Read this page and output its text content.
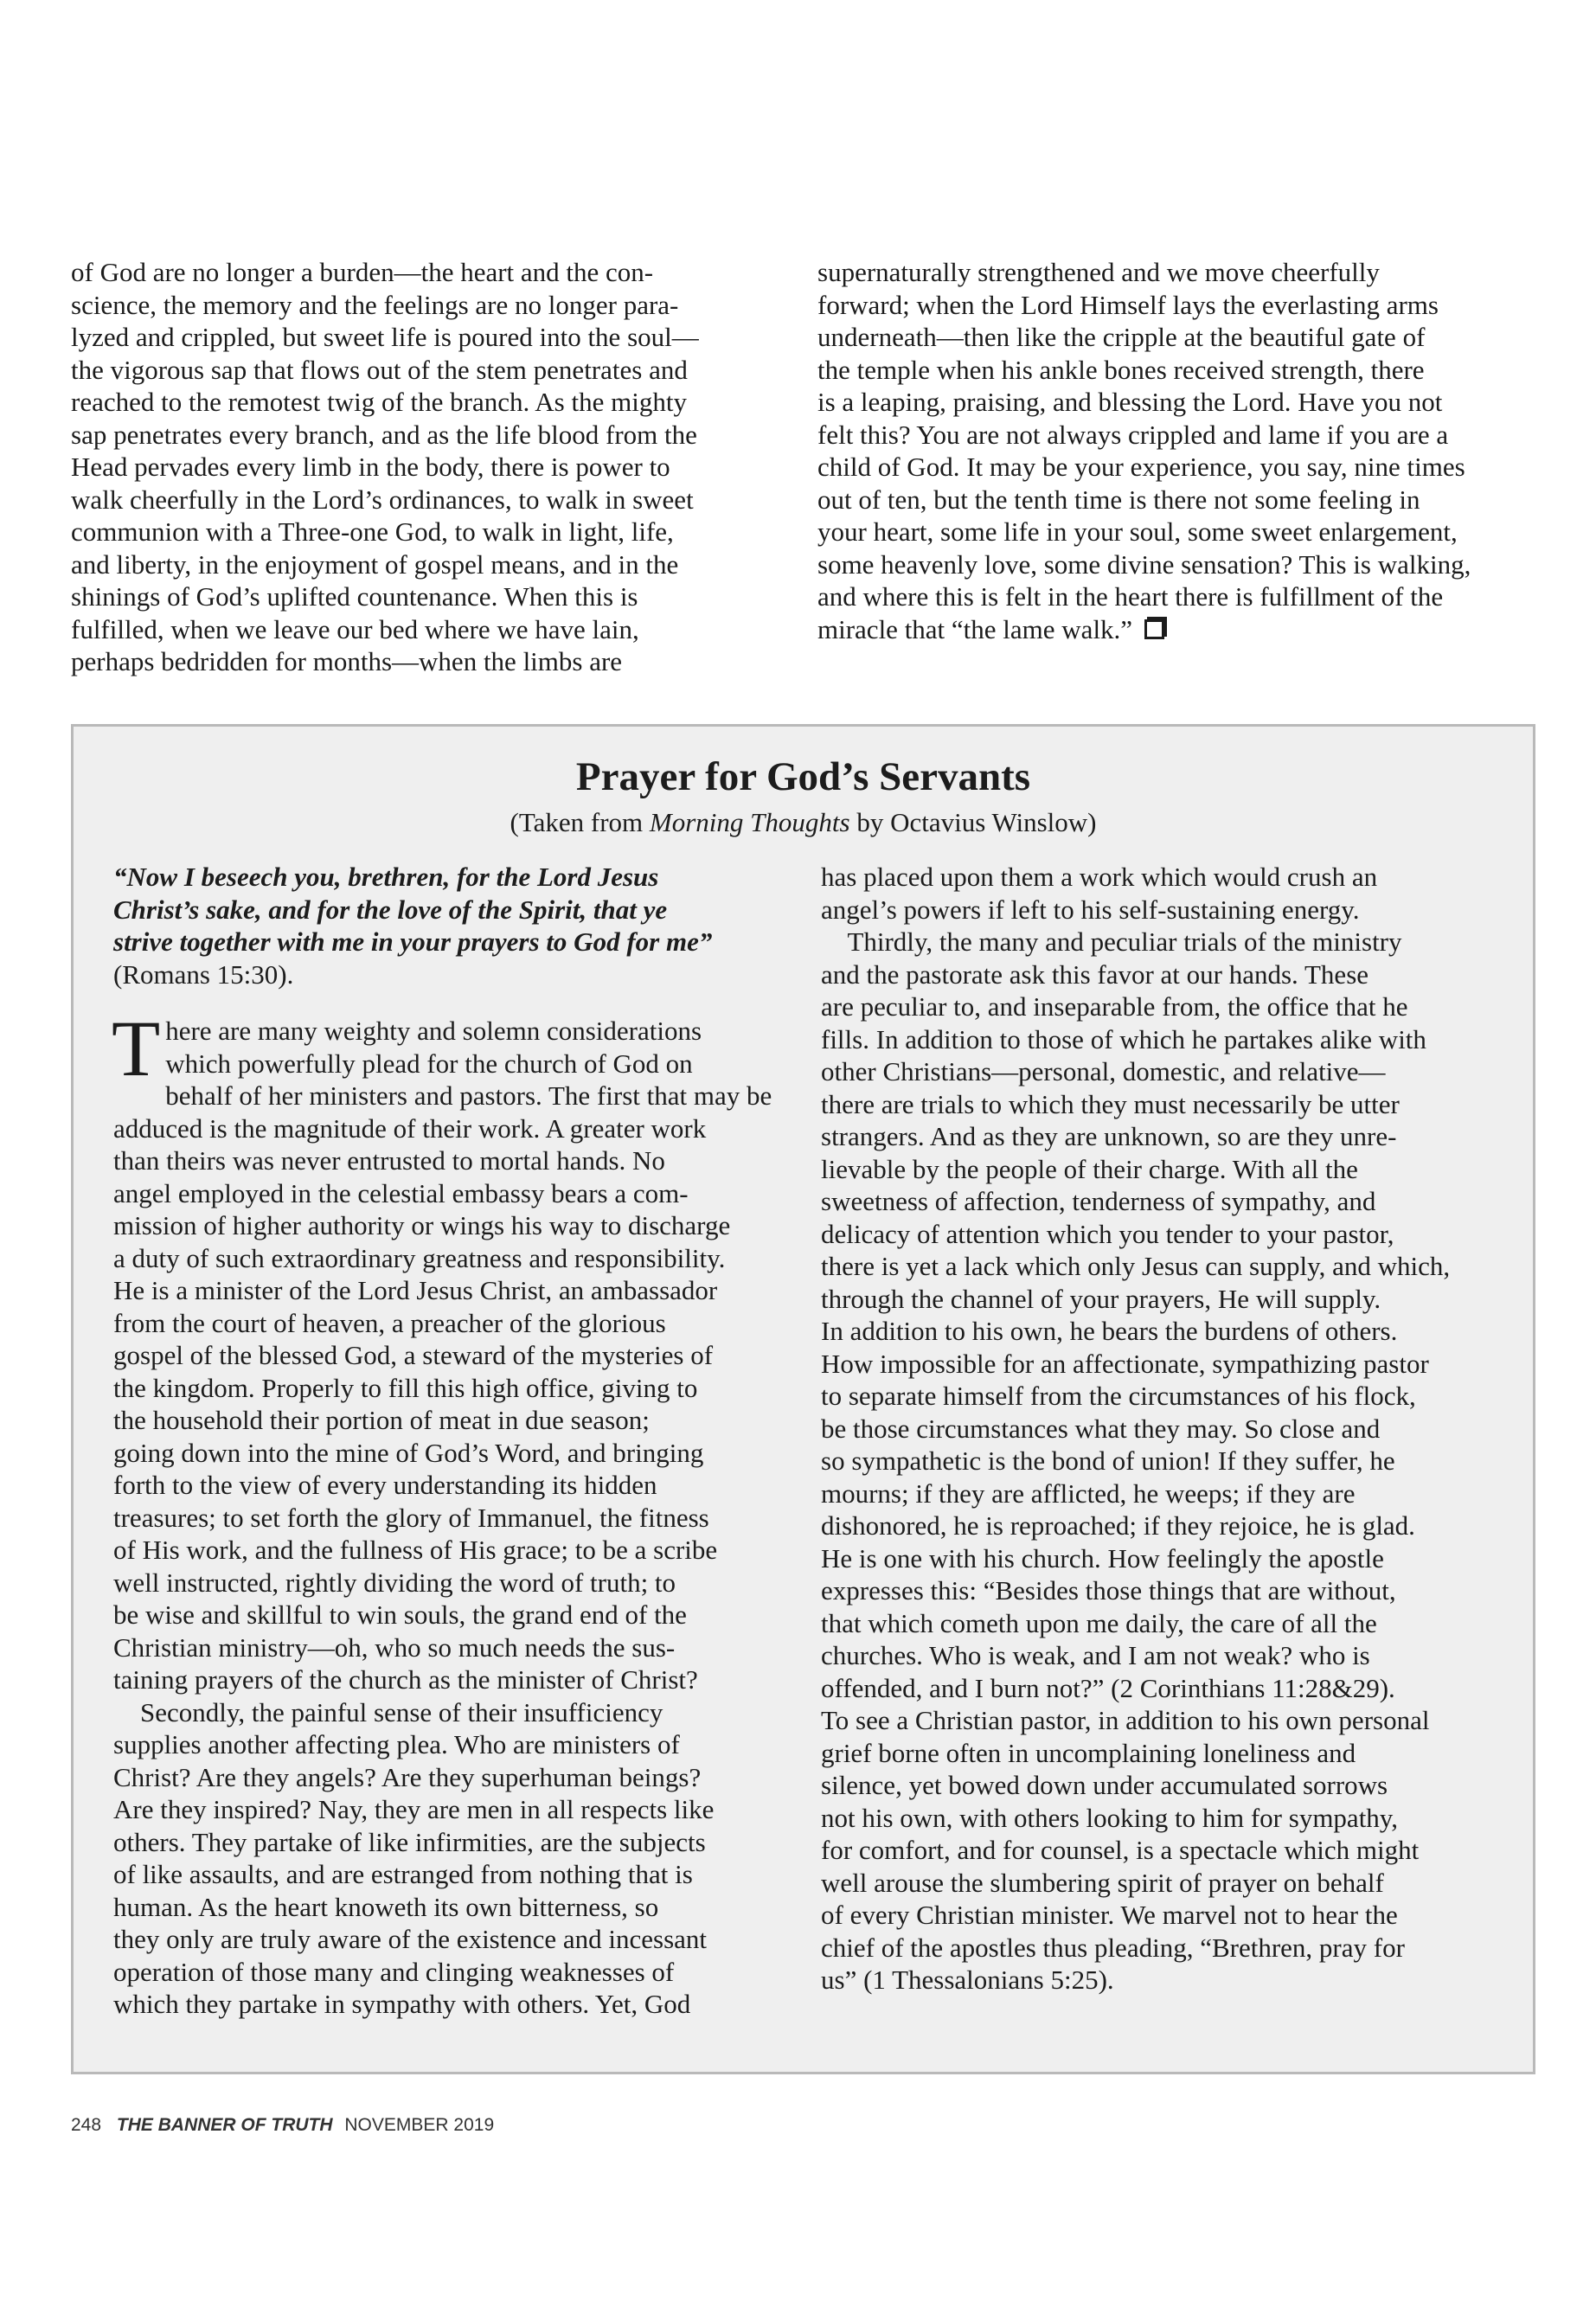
of God are no longer a burden—the heart and the con-
science, the memory and the feelings are no longer para-
lyzed and crippled, but sweet life is poured into the soul—
the vigorous sap that flows out of the stem penetrates and
reached to the remotest twig of the branch. As the mighty
sap penetrates every branch, and as the life blood from the
Head pervades every limb in the body, there is power to
walk cheerfully in the Lord’s ordinances, to walk in sweet
communion with a Three-one God, to walk in light, life,
and liberty, in the enjoyment of gospel means, and in the
shinings of God’s uplifted countenance. When this is
fulfilled, when we leave our bed where we have lain,
perhaps bedridden for months—when the limbs are
supernaturally strengthened and we move cheerfully
forward; when the Lord Himself lays the everlasting arms
underneath—then like the cripple at the beautiful gate of
the temple when his ankle bones received strength, there
is a leaping, praising, and blessing the Lord. Have you not
felt this? You are not always crippled and lame if you are a
child of God. It may be your experience, you say, nine times
out of ten, but the tenth time is there not some feeling in
your heart, some life in your soul, some sweet enlargement,
some heavenly love, some divine sensation? This is walking,
and where this is felt in the heart there is fulfillment of the
miracle that “the lame walk.”
Prayer for God’s Servants
(Taken from Morning Thoughts by Octavius Winslow)
“Now I beseech you, brethren, for the Lord Jesus
Christ’s sake, and for the love of the Spirit, that ye
strive together with me in your prayers to God for me”
(Romans 15:30).
T here are many weighty and solemn considerations
which powerfully plead for the church of God on
behalf of her ministers and pastors. The first that may be
adduced is the magnitude of their work. A greater work
than theirs was never entrusted to mortal hands. No
angel employed in the celestial embassy bears a com-
mission of higher authority or wings his way to discharge
a duty of such extraordinary greatness and responsibility.
He is a minister of the Lord Jesus Christ, an ambassador
from the court of heaven, a preacher of the glorious
gospel of the blessed God, a steward of the mysteries of
the kingdom. Properly to fill this high office, giving to
the household their portion of meat in due season;
going down into the mine of God’s Word, and bringing
forth to the view of every understanding its hidden
treasures; to set forth the glory of Immanuel, the fitness
of His work, and the fullness of His grace; to be a scribe
well instructed, rightly dividing the word of truth; to
be wise and skillful to win souls, the grand end of the
Christian ministry—oh, who so much needs the sus-
taining prayers of the church as the minister of Christ?
Secondly, the painful sense of their insufficiency
supplies another affecting plea. Who are ministers of
Christ? Are they angels? Are they superhuman beings?
Are they inspired? Nay, they are men in all respects like
others. They partake of like infirmities, are the subjects
of like assaults, and are estranged from nothing that is
human. As the heart knoweth its own bitterness, so
they only are truly aware of the existence and incessant
operation of those many and clinging weaknesses of
which they partake in sympathy with others. Yet, God
has placed upon them a work which would crush an
angel’s powers if left to his self-sustaining energy.
Thirdly, the many and peculiar trials of the ministry
and the pastorate ask this favor at our hands. These
are peculiar to, and inseparable from, the office that he
fills. In addition to those of which he partakes alike with
other Christians—personal, domestic, and relative—
there are trials to which they must necessarily be utter
strangers. And as they are unknown, so are they unre-
lievable by the people of their charge. With all the
sweetness of affection, tenderness of sympathy, and
delicacy of attention which you tender to your pastor,
there is yet a lack which only Jesus can supply, and which,
through the channel of your prayers, He will supply.
In addition to his own, he bears the burdens of others.
How impossible for an affectionate, sympathizing pastor
to separate himself from the circumstances of his flock,
be those circumstances what they may. So close and
so sympathetic is the bond of union! If they suffer, he
mourns; if they are afflicted, he weeps; if they are
dishonored, he is reproached; if they rejoice, he is glad.
He is one with his church. How feelingly the apostle
expresses this: “Besides those things that are without,
that which cometh upon me daily, the care of all the
churches. Who is weak, and I am not weak? who is
offended, and I burn not?” (2 Corinthians 11:28&29).
To see a Christian pastor, in addition to his own personal
grief borne often in uncomplaining loneliness and
silence, yet bowed down under accumulated sorrows
not his own, with others looking to him for sympathy,
for comfort, and for counsel, is a spectacle which might
well arouse the slumbering spirit of prayer on behalf
of every Christian minister. We marvel not to hear the
chief of the apostles thus pleading, “Brethren, pray for
us” (1 Thessalonians 5:25).
248 THE BANNER OF TRUTH NOVEMBER 2019
